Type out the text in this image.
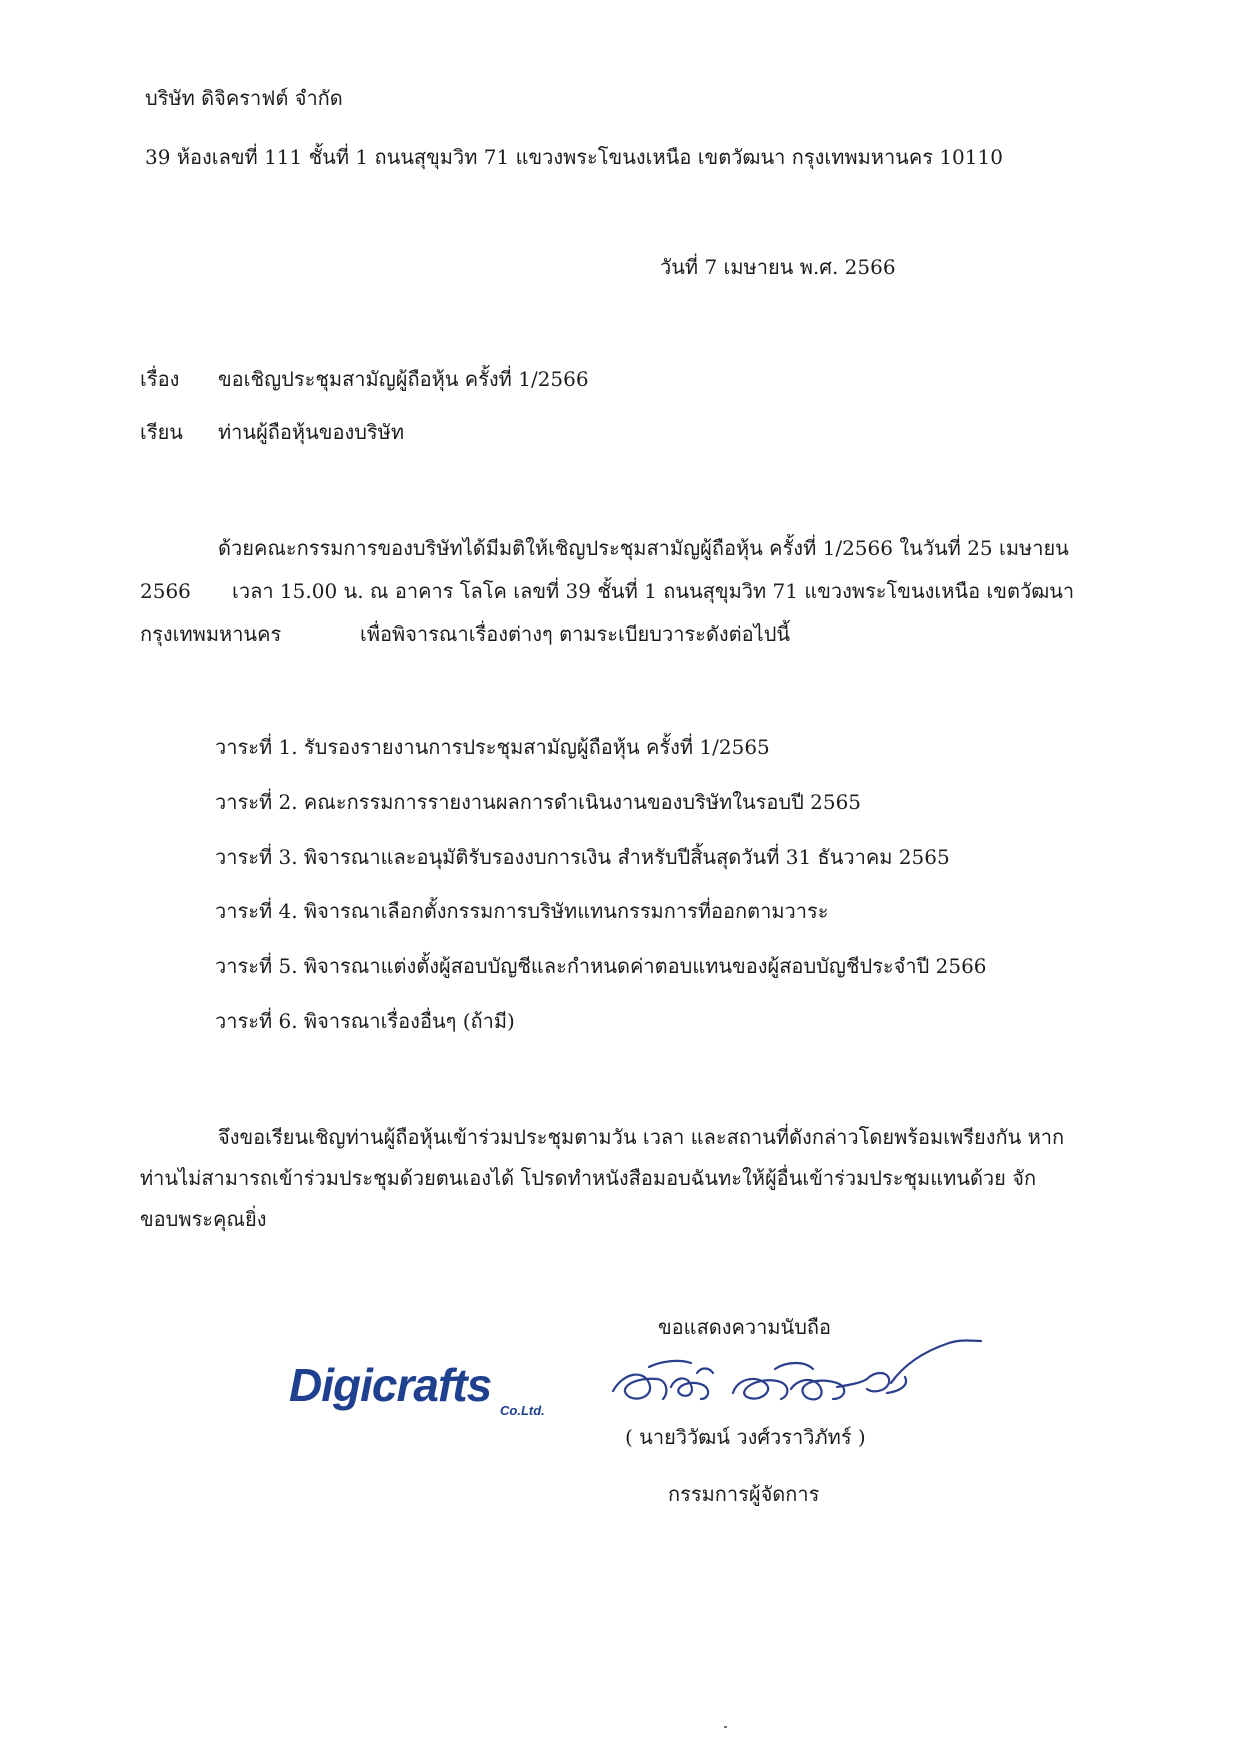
บริษัท ดิจิคราฟต์ จำกัด
39 ห้องเลขที่ 111 ชั้นที่ 1 ถนนสุขุมวิท 71 แขวงพระโขนงเหนือ เขตวัฒนา กรุงเทพมหานคร 10110
วันที่ 7 เมษายน พ.ศ. 2566
เรื่อง ขอเชิญประชุมสามัญผู้ถือหุ้น ครั้งที่ 1/2566
เรียน ท่านผู้ถือหุ้นของบริษัท
ด้วยคณะกรรมการของบริษัทได้มีมติให้เชิญประชุมสามัญผู้ถือหุ้น ครั้งที่ 1/2566 ในวันที่ 25 เมษายน
2566 เวลา 15.00 น. ณ อาคาร โลโค เลขที่ 39 ชั้นที่ 1 ถนนสุขุมวิท 71 แขวงพระโขนงเหนือ เขตวัฒนา
กรุงเทพมหานคร	เพื่อพิจารณาเรื่องต่างๆ ตามระเบียบวาระดังต่อไปนี้
วาระที่ 1. รับรองรายงานการประชุมสามัญผู้ถือหุ้น ครั้งที่ 1/2565
วาระที่ 2. คณะกรรมการรายงานผลการดำเนินงานของบริษัทในรอบปี 2565
วาระที่ 3. พิจารณาและอนุมัติรับรองงบการเงิน สำหรับปีสิ้นสุดวันที่ 31 ธันวาคม 2565
วาระที่ 4. พิจารณาเลือกตั้งกรรมการบริษัทแทนกรรมการที่ออกตามวาระ
วาระที่ 5. พิจารณาแต่งตั้งผู้สอบบัญชีและกำหนดค่าตอบแทนของผู้สอบบัญชีประจำปี 2566
วาระที่ 6. พิจารณาเรื่องอื่นๆ (ถ้ามี)
จึงขอเรียนเชิญท่านผู้ถือหุ้นเข้าร่วมประชุมตามวัน เวลา และสถานที่ดังกล่าวโดยพร้อมเพรียงกัน หาก
ท่านไม่สามารถเข้าร่วมประชุมด้วยตนเองได้ โปรดทำหนังสือมอบฉันทะให้ผู้อื่นเข้าร่วมประชุมแทนด้วย จัก
ขอบพระคุณยิ่ง
ขอแสดงความนับถือ
Digicrafts Co.Ltd.
( นายวิวัฒน์ วงศ์วราวิภัทร์ )
กรรมการผู้จัดการ
